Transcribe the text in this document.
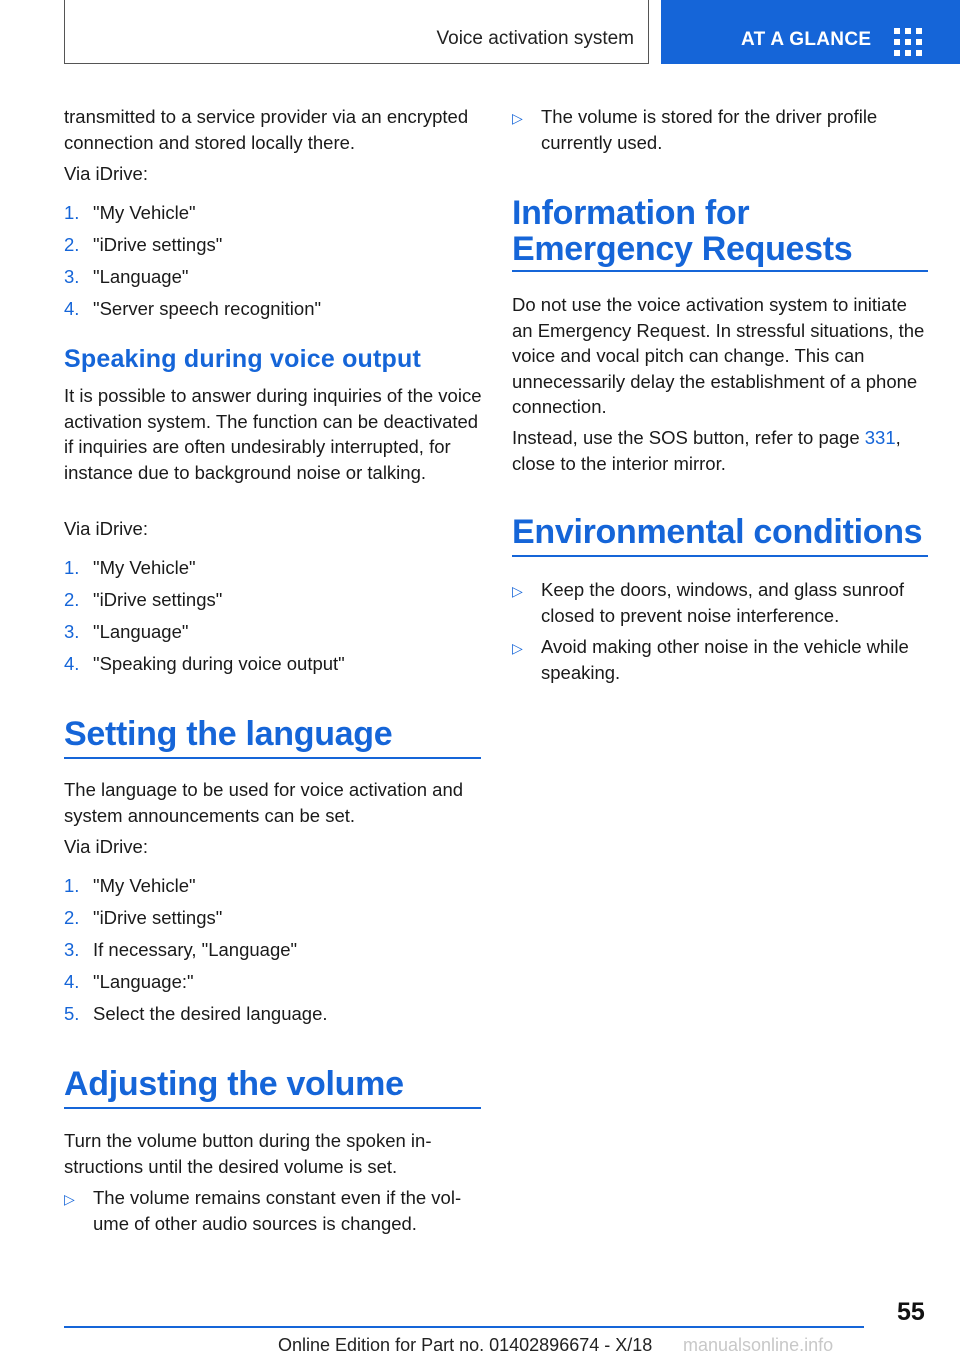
Voice activation system	AT A GLANCE

transmitted to a service provider via an encrypted connection and stored locally there.

Via iDrive:

1. "My Vehicle"
2. "iDrive settings"
3. "Language"
4. "Server speech recognition"
Speaking during voice output

It is possible to answer during inquiries of the voice activation system. The function can be deactivated if inquiries are often undesirably interrupted, for instance due to background noise or talking.

Via iDrive:

1. "My Vehicle"
2. "iDrive settings"
3. "Language"
4. "Speaking during voice output"
Setting the language

The language to be used for voice activation and system announcements can be set.

Via iDrive:

1. "My Vehicle"
2. "iDrive settings"
3. If necessary, "Language"
4. "Language:"
5. Select the desired language.
Adjusting the volume

Turn the volume button during the spoken instructions until the desired volume is set.

▷ The volume remains constant even if the volume of other audio sources is changed.
▷ The volume is stored for the driver profile currently used.
Information for Emergency Requests

Do not use the voice activation system to initiate an Emergency Request. In stressful situations, the voice and vocal pitch can change. This can unnecessarily delay the establishment of a phone connection.

Instead, use the SOS button, refer to page 331, close to the interior mirror.

Environmental conditions
▷ Keep the doors, windows, and glass sunroof closed to prevent noise interference.
▷ Avoid making other noise in the vehicle while speaking.
55
Online Edition for Part no. 01402896674 - X/18 manualsonline.info
